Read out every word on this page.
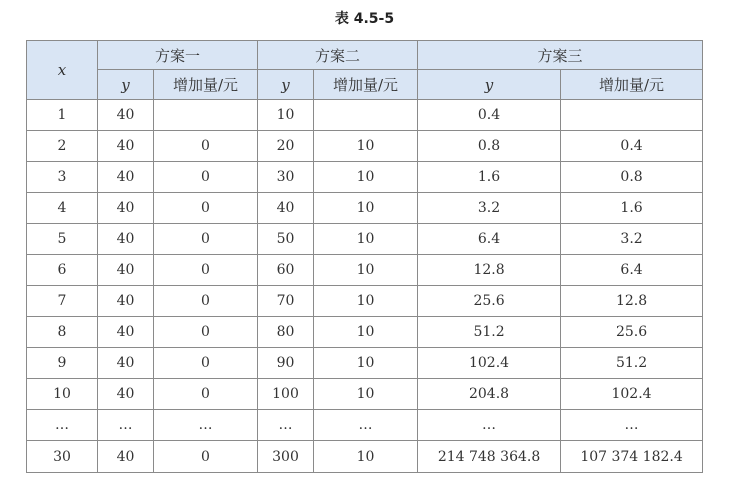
表 4.5-5
x	方案一		方案二		方案三	
	y	增加量/元	y	增加量/元	y	增加量/元
1	40		10		0.4	
2	40	0	20	10	0.8	0.4
3	40	0	30	10	1.6	0.8
4	40	0	40	10	3.2	1.6
5	40	0	50	10	6.4	3.2
6	40	0	60	10	12.8	6.4
7	40	0	70	10	25.6	12.8
8	40	0	80	10	51.2	25.6
9	40	0	90	10	102.4	51.2
10	40	0	100	10	204.8	102.4
…	…	…	…	…	…	…
30	40	0	300	10	214 748 364.8	107 374 182.4
